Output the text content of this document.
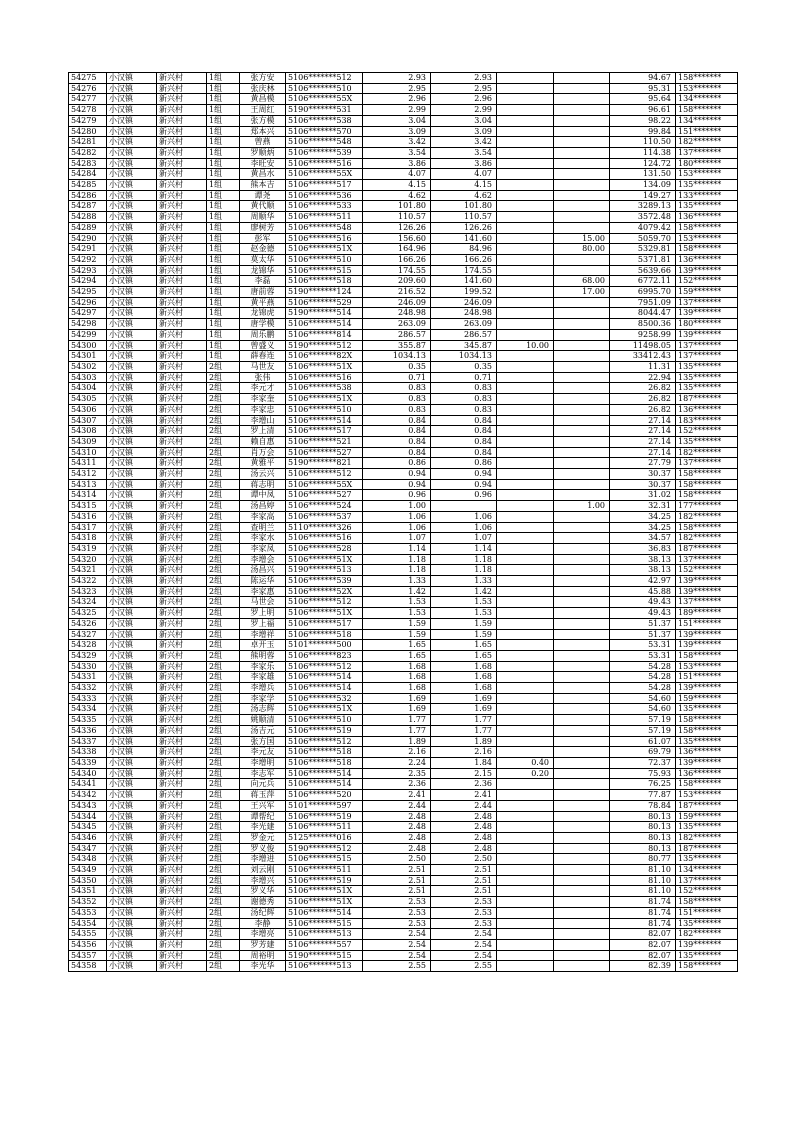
54275	小汉镇	新兴村	1组	张方安	5106*******512	2.93	2.93			94.67	158*******
54276	小汉镇	新兴村	1组	张庆林	5106*******510	2.95	2.95			95.31	153*******
54277	小汉镇	新兴村	1组	黄昌模	5106*******55X	2.96	2.96			95.64	134*******
54278	小汉镇	新兴村	1组	王周红	5190*******531	2.99	2.99			96.61	158*******
54279	小汉镇	新兴村	1组	张方模	5106*******538	3.04	3.04			98.22	134*******
54280	小汉镇	新兴村	1组	郑本兴	5106*******570	3.09	3.09			99.84	151*******
54281	小汉镇	新兴村	1组	曾燕	5106*******548	3.42	3.42			110.50	182*******
54282	小汉镇	新兴村	1组	罗顺炳	5106*******539	3.54	3.54			114.38	137*******
54283	小汉镇	新兴村	1组	李旺安	5106*******516	3.86	3.86			124.72	180*******
54284	小汉镇	新兴村	1组	黄昌水	5106*******55X	4.07	4.07			131.50	153*******
54285	小汉镇	新兴村	1组	熊本吉	5106*******517	4.15	4.15			134.09	135*******
54286	小汉镇	新兴村	1组	谭尧	5106*******536	4.62	4.62			149.27	133*******
54287	小汉镇	新兴村	1组	黄代顺	5106*******533	101.80	101.80			3289.13	135*******
54288	小汉镇	新兴村	1组	周顺华	5106*******511	110.57	110.57			3572.48	136*******
54289	小汉镇	新兴村	1组	廖树芳	5106*******548	126.26	126.26			4079.42	158*******
54290	小汉镇	新兴村	1组	彭军	5106*******516	156.60	141.60		15.00	5059.70	153*******
54291	小汉镇	新兴村	1组	赵金德	5106*******51X	164.96	84.96		80.00	5329.81	158*******
54292	小汉镇	新兴村	1组	莫太华	5106*******510	166.26	166.26			5371.81	136*******
54293	小汉镇	新兴村	1组	龙锦华	5106*******515	174.55	174.55			5639.66	139*******
54294	小汉镇	新兴村	1组	李磊	5106*******518	209.60	141.60		68.00	6772.11	152*******
54295	小汉镇	新兴村	1组	唐前蓉	5190*******124	216.52	199.52		17.00	6995.70	159*******
54296	小汉镇	新兴村	1组	黄平燕	5106*******529	246.09	246.09			7951.09	137*******
54297	小汉镇	新兴村	1组	龙锦虎	5190*******514	248.98	248.98			8044.47	139*******
54298	小汉镇	新兴村	1组	唐学模	5106*******514	263.09	263.09			8500.36	180*******
54299	小汉镇	新兴村	1组	周乐鹏	5106*******814	286.57	286.57			9258.99	139*******
54300	小汉镇	新兴村	1组	曾盛义	5190*******512	355.87	345.87	10.00		11498.05	137*******
54301	小汉镇	新兴村	1组	薛春连	5106*******82X	1034.13	1034.13			33412.43	137*******
54302	小汉镇	新兴村	2组	马世友	5106*******51X	0.35	0.35			11.31	135*******
54303	小汉镇	新兴村	2组	张伟	5106*******516	0.71	0.71			22.94	135*******
54304	小汉镇	新兴村	2组	李元才	5106*******538	0.83	0.83			26.82	135*******
54305	小汉镇	新兴村	2组	李家奎	5106*******51X	0.83	0.83			26.82	187*******
54306	小汉镇	新兴村	2组	李家忠	5106*******510	0.83	0.83			26.82	136*******
54307	小汉镇	新兴村	2组	李增山	5106*******514	0.84	0.84			27.14	183*******
54308	小汉镇	新兴村	2组	罗上清	5106*******517	0.84	0.84			27.14	152*******
54309	小汉镇	新兴村	2组	赖自惠	5106*******521	0.84	0.84			27.14	135*******
54310	小汉镇	新兴村	2组	肖万会	5106*******527	0.84	0.84			27.14	182*******
54311	小汉镇	新兴村	2组	黄雅平	5190*******821	0.86	0.86			27.79	137*******
54312	小汉镇	新兴村	2组	汤云兴	5106*******512	0.94	0.94			30.37	158*******
54313	小汉镇	新兴村	2组	蒋志明	5106*******55X	0.94	0.94			30.37	158*******
54314	小汉镇	新兴村	2组	谭中凤	5106*******527	0.96	0.96			31.02	158*******
54315	小汉镇	新兴村	2组	汤昌婷	5106*******524	1.00			1.00	32.31	177*******
54316	小汉镇	新兴村	2组	李家高	5106*******537	1.06	1.06			34.25	182*******
54317	小汉镇	新兴村	2组	查明兰	5110*******326	1.06	1.06			34.25	158*******
54318	小汉镇	新兴村	2组	李家水	5106*******516	1.07	1.07			34.57	182*******
54319	小汉镇	新兴村	2组	李家凤	5106*******528	1.14	1.14			36.83	187*******
54320	小汉镇	新兴村	2组	李增会	5106*******51X	1.18	1.18			38.13	137*******
54321	小汉镇	新兴村	2组	汤昌兴	5190*******513	1.18	1.18			38.13	152*******
54322	小汉镇	新兴村	2组	陈运华	5106*******539	1.33	1.33			42.97	139*******
54323	小汉镇	新兴村	2组	李家惠	5106*******52X	1.42	1.42			45.88	139*******
54324	小汉镇	新兴村	2组	马世会	5106*******512	1.53	1.53			49.43	137*******
54325	小汉镇	新兴村	2组	罗上明	5106*******51X	1.53	1.53			49.43	189*******
54326	小汉镇	新兴村	2组	罗上福	5106*******517	1.59	1.59			51.37	151*******
54327	小汉镇	新兴村	2组	李增祥	5106*******518	1.59	1.59			51.37	139*******
54328	小汉镇	新兴村	2组	卓开玉	5101*******500	1.65	1.65			53.31	139*******
54329	小汉镇	新兴村	2组	熊明蓉	5106*******823	1.65	1.65			53.31	158*******
54330	小汉镇	新兴村	2组	李家乐	5106*******512	1.68	1.68			54.28	153*******
54331	小汉镇	新兴村	2组	李家雄	5106*******514	1.68	1.68			54.28	151*******
54332	小汉镇	新兴村	2组	李增兵	5106*******514	1.68	1.68			54.28	139*******
54333	小汉镇	新兴村	2组	李家学	5106*******532	1.69	1.69			54.60	159*******
54334	小汉镇	新兴村	2组	汤志辉	5106*******51X	1.69	1.69			54.60	135*******
54335	小汉镇	新兴村	2组	姚顺清	5106*******510	1.77	1.77			57.19	158*******
54336	小汉镇	新兴村	2组	汤吉元	5106*******519	1.77	1.77			57.19	158*******
54337	小汉镇	新兴村	2组	张方国	5106*******512	1.89	1.89			61.07	135*******
54338	小汉镇	新兴村	2组	李元友	5106*******518	2.16	2.16			69.79	136*******
54339	小汉镇	新兴村	2组	李增明	5106*******518	2.24	1.84	0.40		72.37	139*******
54340	小汉镇	新兴村	2组	李志军	5106*******514	2.35	2.15	0.20		75.93	136*******
54341	小汉镇	新兴村	2组	向元兵	5106*******514	2.36	2.36			76.25	158*******
54342	小汉镇	新兴村	2组	蒋玉萍	5106*******520	2.41	2.41			77.87	153*******
54343	小汉镇	新兴村	2组	王兴军	5101*******597	2.44	2.44			78.84	187*******
54344	小汉镇	新兴村	2组	谭帮纪	5106*******519	2.48	2.48			80.13	159*******
54345	小汉镇	新兴村	2组	李光建	5106*******511	2.48	2.48			80.13	135*******
54346	小汉镇	新兴村	2组	罗金元	5125*******016	2.48	2.48			80.13	182*******
54347	小汉镇	新兴村	2组	罗义俊	5190*******512	2.48	2.48			80.13	187*******
54348	小汉镇	新兴村	2组	李增进	5106*******515	2.50	2.50			80.77	135*******
54349	小汉镇	新兴村	2组	刘云刚	5106*******511	2.51	2.51			81.10	134*******
54350	小汉镇	新兴村	2组	李增兴	5106*******519	2.51	2.51			81.10	137*******
54351	小汉镇	新兴村	2组	罗义华	5106*******51X	2.51	2.51			81.10	152*******
54352	小汉镇	新兴村	2组	谢德秀	5106*******51X	2.53	2.53			81.74	158*******
54353	小汉镇	新兴村	2组	汤纪辉	5106*******514	2.53	2.53			81.74	151*******
54354	小汉镇	新兴村	2组	李静	5106*******515	2.53	2.53			81.74	135*******
54355	小汉镇	新兴村	2组	李增亮	5106*******513	2.54	2.54			82.07	182*******
54356	小汉镇	新兴村	2组	罗芳建	5106*******557	2.54	2.54			82.07	139*******
54357	小汉镇	新兴村	2组	周裕明	5190*******515	2.54	2.54			82.07	135*******
54358	小汉镇	新兴村	2组	李光华	5106*******513	2.55	2.55			82.39	158*******
